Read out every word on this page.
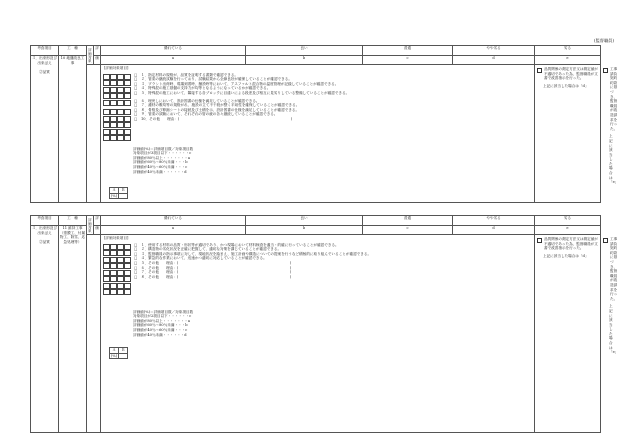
(監督職員)
考査項目	工　種	評価対象	評	優れている	良い	普通	やや劣る	劣る

３．出来形及び出来ばえ
②品質
	10 地盤改良工事	価	a	b	c	d	e

[評価対象項目]
□　１．指定材料の規格が、品質を証明する書類で確認できる。
□　２．管渠の継続試験を行っており、試験結果から全線良好が確保していることが確認できる。
□　３．プラント出荷時、現場到着時、舗設時等において、アスファルト混合物の温度管理が記録していることが確認できる。
□　４．特殊混の施工基盤の支持力が均等となるようになっているかが確認できる。
□　５．特殊混の施工において、隣接する各ブロックに目違いによる段差及び相互に見劣りしている整備していることが確認できる。
□　６．埋戻しにおいて、設計図書の仕様を満足していることが確認できる。
□　７．濾材の敷均等の規格がれ、施設の立て不干段が整く平坦性を確保していることが確認できる。
□　８．骨格及び伸縮シートの接続及び土積を示、設計図書の仕様を満足していることが確認できる。
□　９．管渠の試験において、それぞれの管の統の各々継続していることが確認できる。
□　10．その他　　理由：(　　　　　　　　　　　　　　　　　　　　　　　　　　　　　　　)
評価値(%)＝評価項目数／対象項目数
対象項目が3項目以下・・・・・・c
評価値が80％以上・・・・・・・a
評価値が60％～80％未満・・・b
評価値が40％～60％未満・・・c
評価値が40％未満・・・・・・d
Ａ	Ｂ
(%)	

品質関係の測定方法又は測定値が不適切であった為、監督職員が文書で改善指示を行った。
上記に該当した場合は「d」

工事請負契約約款に基づき、監督職員が改造請求を行った。
上記に該当した場合は「e」
考査項目	工　種	評価対象	評	優れている	良い	普通	やや劣る	劣る

３．出来形及び出来ばえ
②品質
	11 維持工事（塗膜工、付属物工、除雪、応急処理等）	価	a	b	c	d	e

[評価対象項目]
□　１．使用する材料の品質・形状等が適切であり、かつ現場において材料検査を適当・的確に行っていることが確認できる。
□　２．構造物の劣化状況を正確に把握して、適切な対策を講じていることが確認できる。
□　３．監督職員の指示事項に対して、現地状況を踏まえ、施工計画や構造についての提案を行うなど積極的に取り組んでいることが確認できる。
□　４．緊急的な作業において、迅速かつ適切に対応していることが確認できる。
□　５．その他　　理由：(　　　　　　　　　　　　　　　　　　　　　　　　　　　　　　　)
□　６．その他　　理由：(　　　　　　　　　　　　　　　　　　　　　　　　　　　　　　　)
□　７．その他　　理由：(　　　　　　　　　　　　　　　　　　　　　　　　　　　　　　　)
□　８．その他　　理由：(　　　　　　　　　　　　　　　　　　　　　　　　　　　　　　　)
評価値(%)＝評価項目数／対象項目数
対象項目が2項目以下・・・・・・c
評価値が80％以上・・・・・・・a
評価値が60％～80％未満・・・b
評価値が40％～60％未満・・・c
評価値が40％未満・・・・・・d
Ａ	Ｂ
(%)	

品質関係の測定方法又は測定値が不適切であった為、監督職員が文書で改善指示を行った。
上記に該当した場合は「d」

工事請負契約約款に基づき、監督職員が改造請求を行った。
上記に該当した場合は「e」
